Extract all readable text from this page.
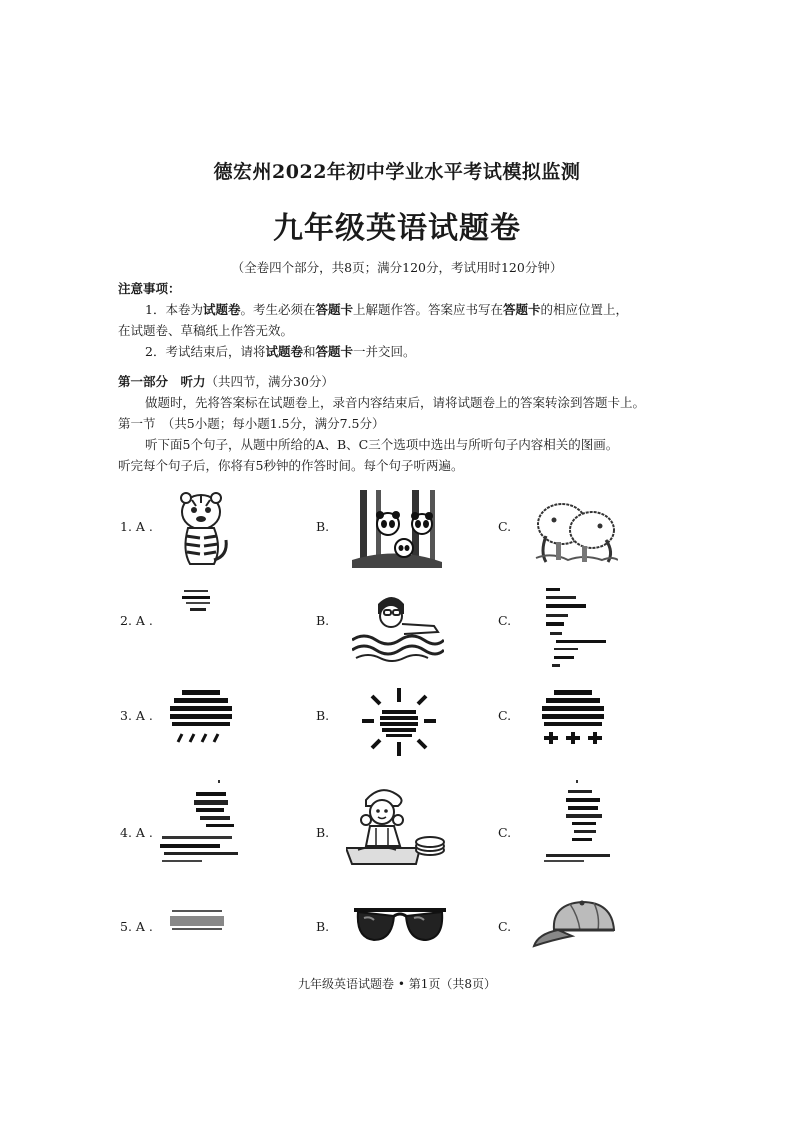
德宏州2022年初中学业水平考试模拟监测
九年级英语试题卷
（全卷四个部分，共8页；满分120分，考试用时120分钟）
注意事项：
1．本卷为试题卷。考生必须在答题卡上解题作答。答案应书写在答题卡的相应位置上，
在试题卷、草稿纸上作答无效。
2．考试结束后，请将试题卷和答题卡一并交回。
第一部分　听力（共四节，满分30分）
做题时，先将答案标在试题卷上，录音内容结束后，请将试题卷上的答案转涂到答题卡上。
第一节　（共5小题；每小题1.5分，满分7.5分）
听下面5个句子，从题中所给的A、B、C三个选项中选出与所听句子内容相关的图画。
听完每个句子后，你将有5秒钟的作答时间。每个句子听两遍。
1. A .	B.	C.
2. A .	B.	C.
3. A .	B.	C.
4. A .	B.	C.
5. A .	B.	C.
九年级英语试题卷 • 第1页（共8页）
